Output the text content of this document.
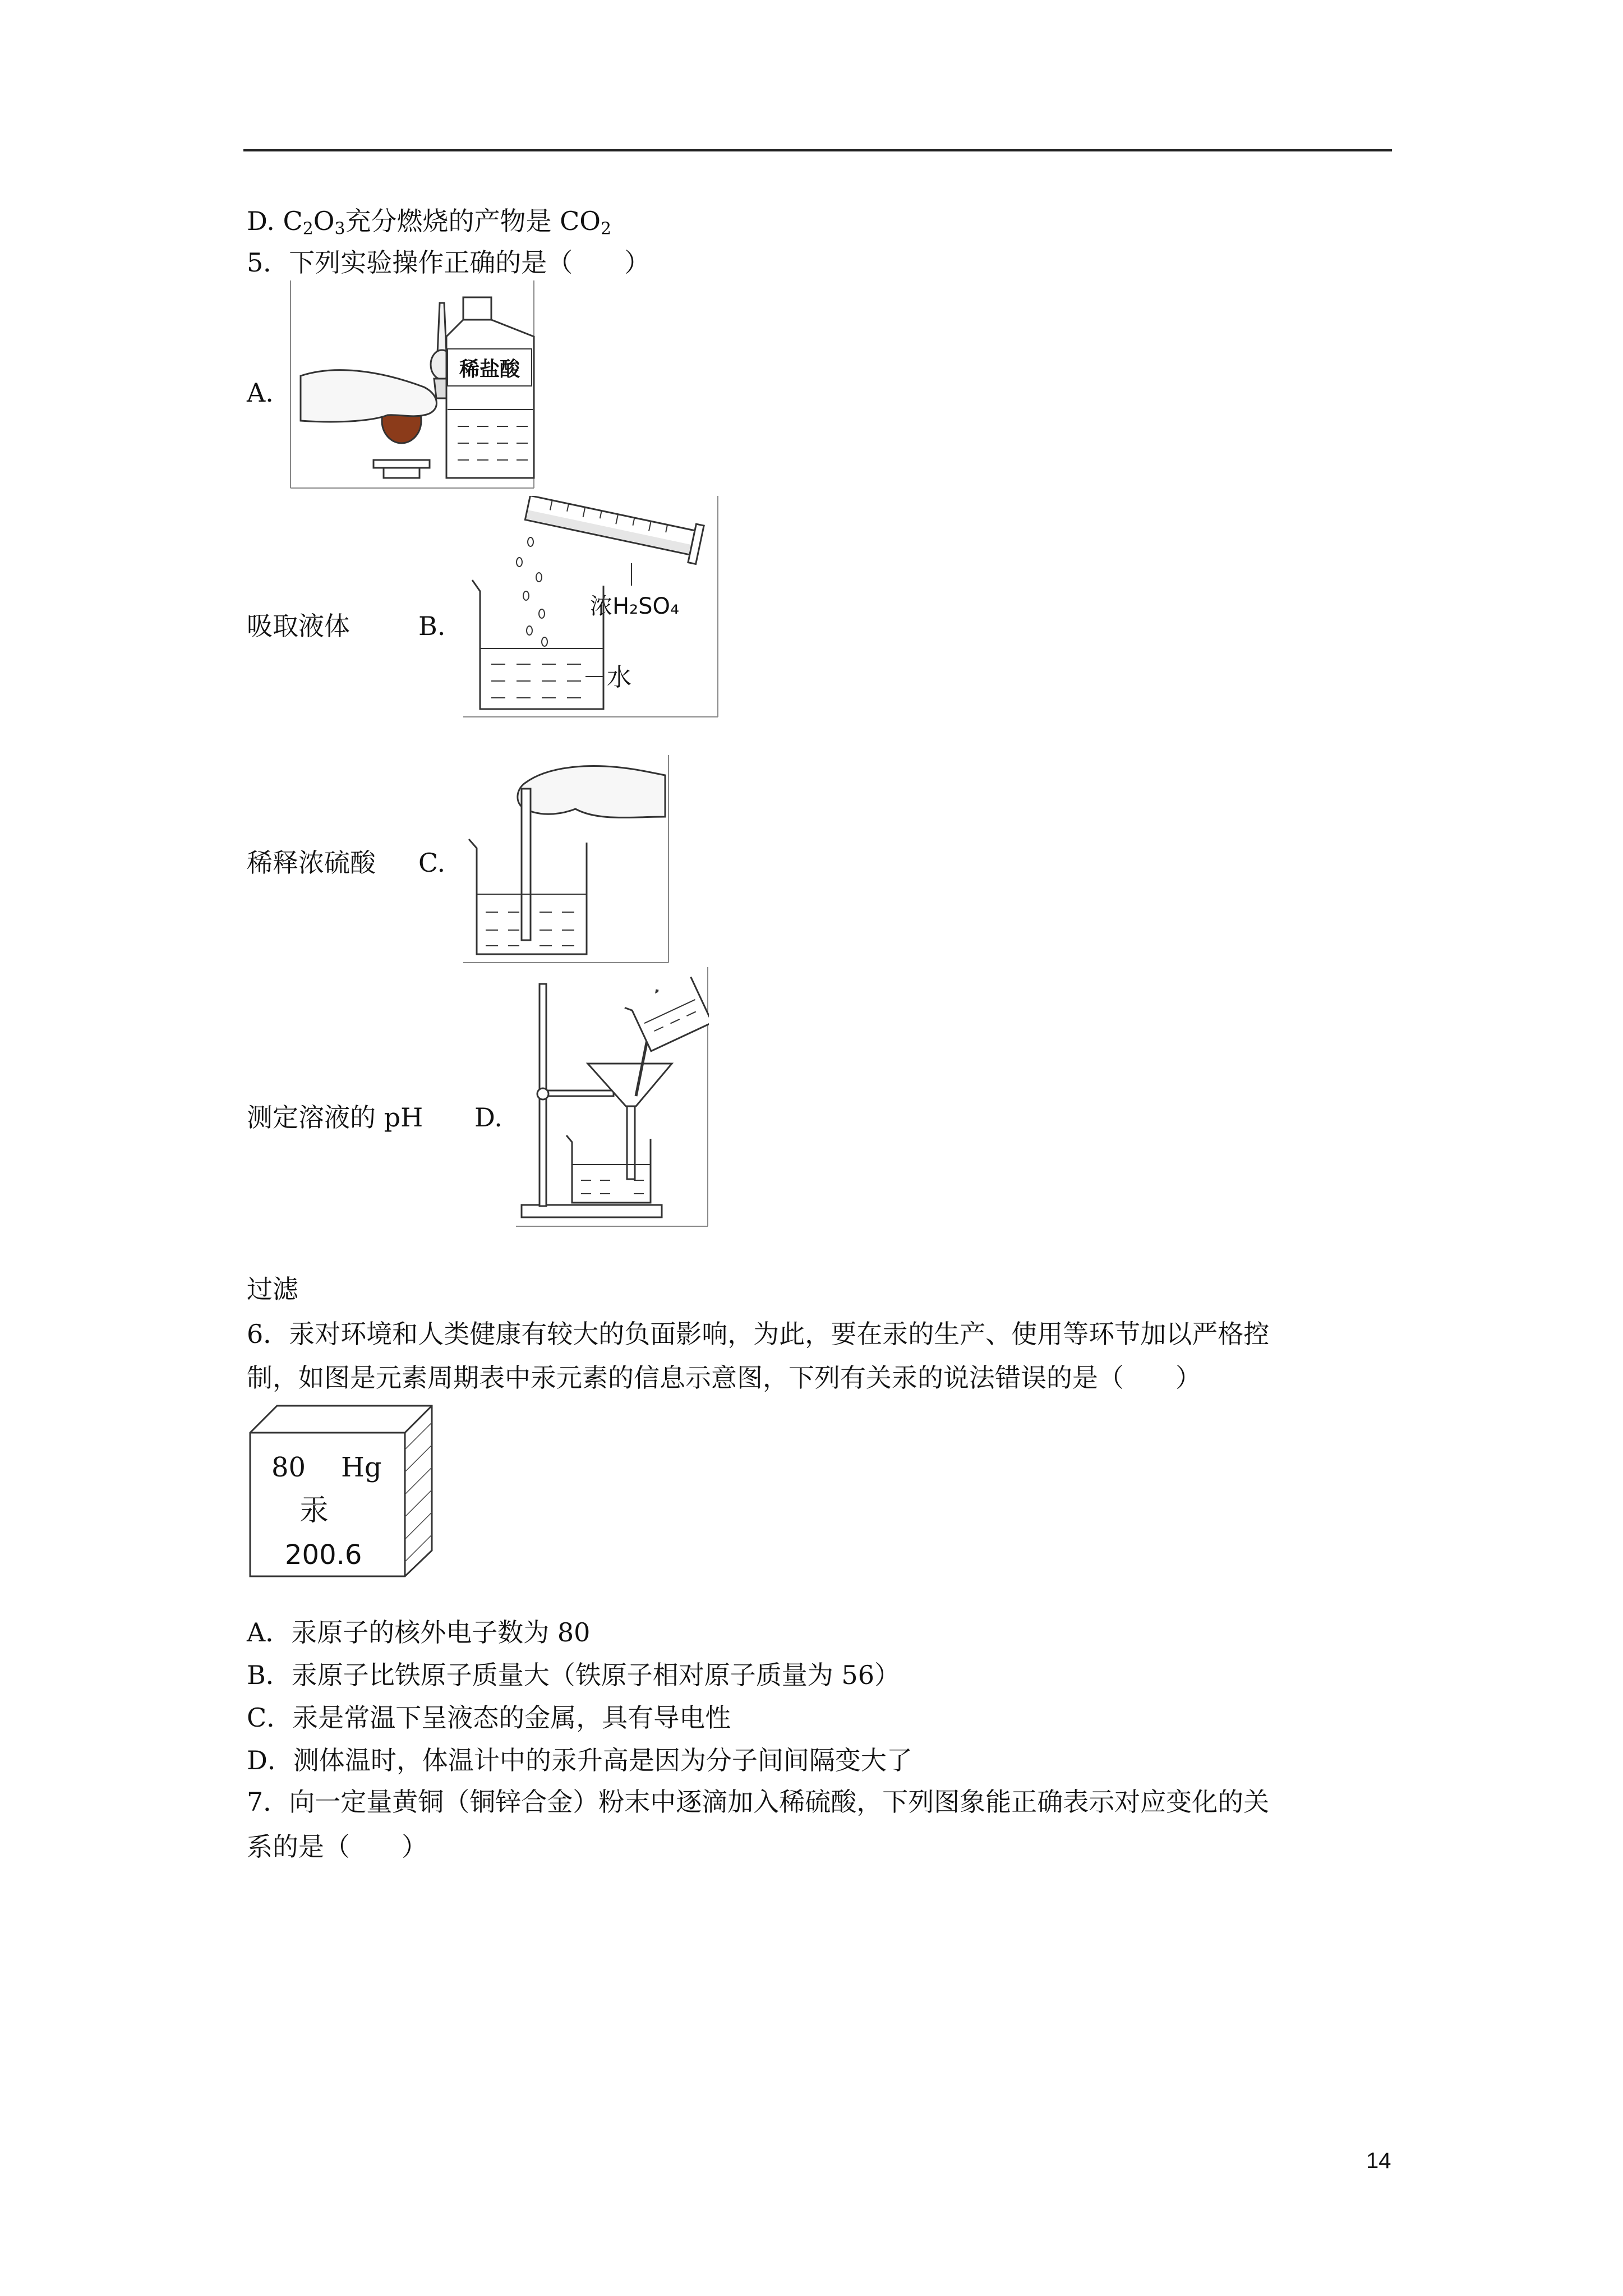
D. $C_2O_3$充分燃烧的产物是 $CO_2$
5．下列实验操作正确的是（　　）
A.
稀盐酸
吸取液体	B.
浓H₂SO₄
水
稀释浓硫酸 C.
测定溶液的 pH D.
过滤
6．汞对环境和人类健康有较大的负面影响，为此，要在汞的生产、使用等环节加以严格控
制，如图是元素周期表中汞元素的信息示意图，下列有关汞的说法错误的是（　　）
80 Hg
汞
200.6
A．汞原子的核外电子数为 80
B．汞原子比铁原子质量大（铁原子相对原子质量为 56）
C．汞是常温下呈液态的金属，具有导电性
D．测体温时，体温计中的汞升高是因为分子间间隔变大了
7．向一定量黄铜（铜锌合金）粉末中逐滴加入稀硫酸，下列图象能正确表示对应变化的关
系的是（　　）
14
